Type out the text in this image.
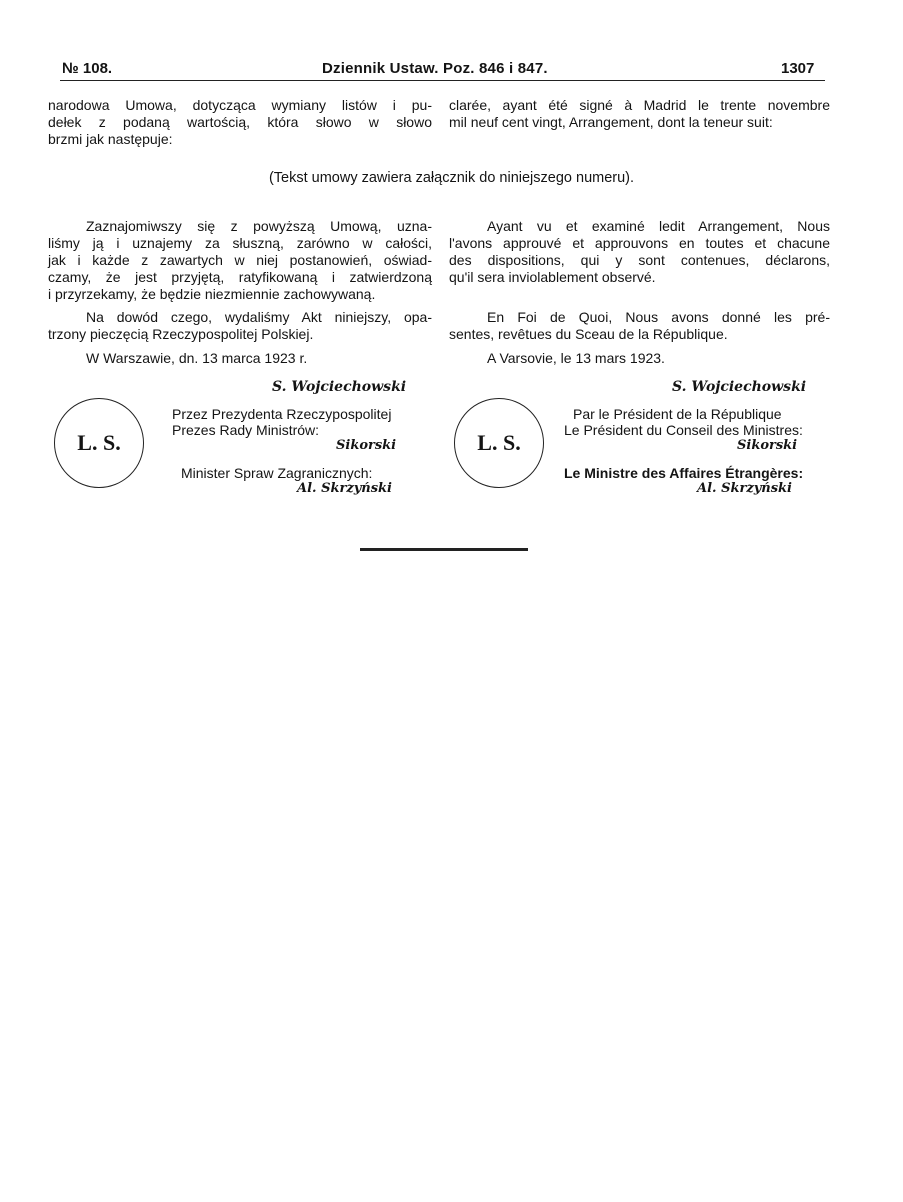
№ 108.	Dziennik Ustaw. Poz. 846 i 847.	1307

narodowa Umowa, dotycząca wymiany listów i pu-

dełek z podaną wartością, która słowo w słowo

brzmi jak następuje:

clarée, ayant été signé à Madrid le trente novembre

mil neuf cent vingt, Arrangement, dont la teneur suit:

(Tekst umowy zawiera załącznik do niniejszego numeru).

Zaznajomiwszy się z powyższą Umową, uzna-

liśmy ją i uznajemy za słuszną, zarówno w całości,

jak i każde z zawartych w niej postanowień, oświad-

czamy, że jest przyjętą, ratyfikowaną i zatwierdzoną

i przyrzekamy, że będzie niezmiennie zachowywaną.

Na dowód czego, wydaliśmy Akt niniejszy, opa-

trzony pieczęcią Rzeczypospolitej Polskiej.

W Warszawie, dn. 13 marca 1923 r.
S. Wojciechowski
L. S.
Przez Prezydenta Rzeczypospolitej
Prezes Rady Ministrów:
Sikorski
Minister Spraw Zagranicznych:
Al. Skrzyński

Ayant vu et examiné ledit Arrangement, Nous

l'avons approuvé et approuvons en toutes et chacune

des dispositions, qui y sont contenues, déclarons,

qu'il sera inviolablement observé.

En Foi de Quoi, Nous avons donné les pré-

sentes, revêtues du Sceau de la République.

A Varsovie, le 13 mars 1923.
S. Wojciechowski
L. S.
Par le Président de la République
Le Président du Conseil des Ministres:
Sikorski
Le Ministre des Affaires Étrangères:
Al. Skrzyński
